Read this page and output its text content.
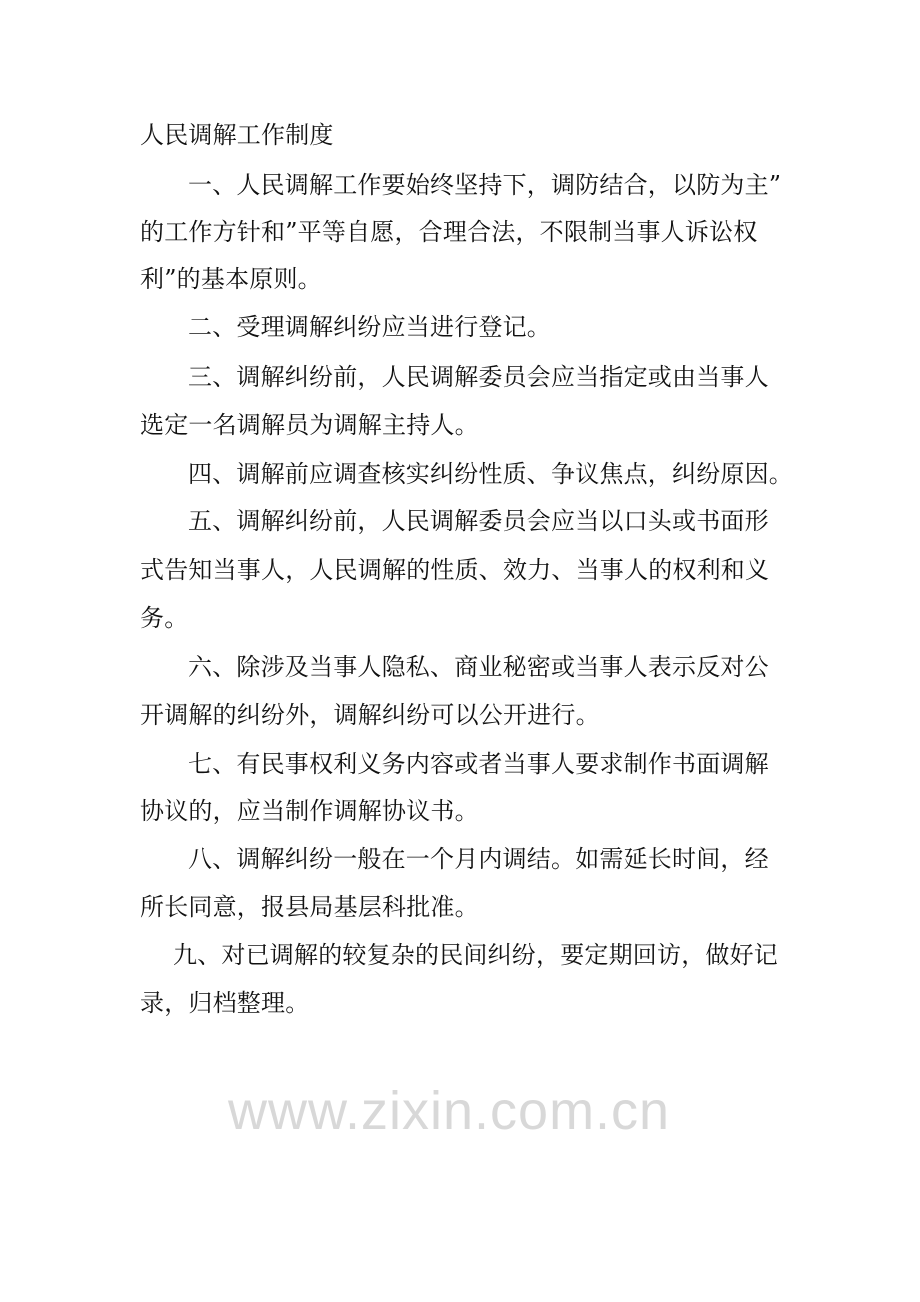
人民调解工作制度
一、人民调解工作要始终坚持下，调防结合，以防为主”
的工作方针和”平等自愿，合理合法，不限制当事人诉讼权
利”的基本原则。
二、受理调解纠纷应当进行登记。
三、调解纠纷前，人民调解委员会应当指定或由当事人
选定一名调解员为调解主持人。
四、调解前应调查核实纠纷性质、争议焦点，纠纷原因。
五、调解纠纷前，人民调解委员会应当以口头或书面形
式告知当事人，人民调解的性质、效力、当事人的权利和义
务。
六、除涉及当事人隐私、商业秘密或当事人表示反对公
开调解的纠纷外，调解纠纷可以公开进行。
七、有民事权利义务内容或者当事人要求制作书面调解
协议的，应当制作调解协议书。
八、调解纠纷一般在一个月内调结。如需延长时间，经
所长同意，报县局基层科批准。
九、对已调解的较复杂的民间纠纷，要定期回访，做好记
录，归档整理。
www.zixin.com.cn
